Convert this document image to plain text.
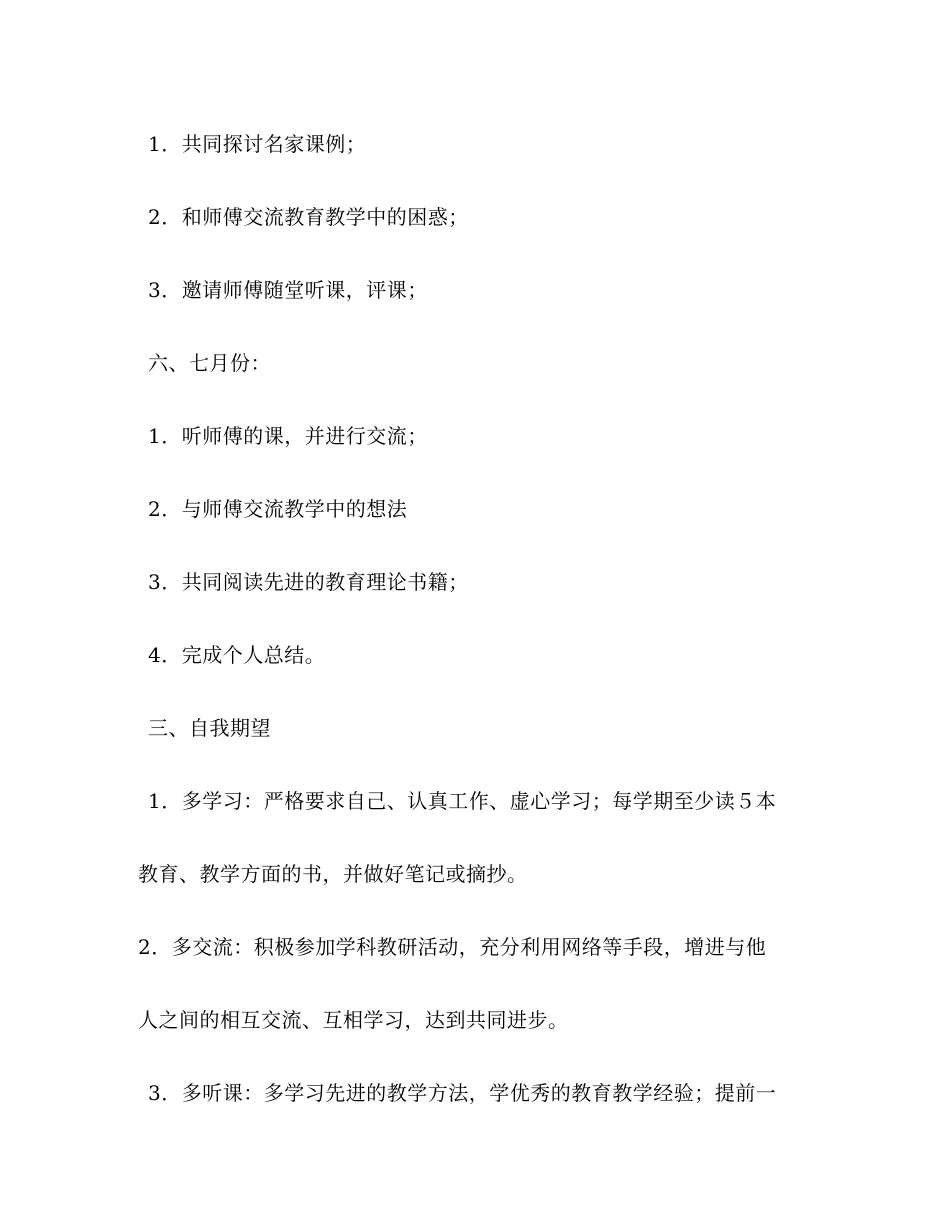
1．共同探讨名家课例；
2．和师傅交流教育教学中的困惑；
3．邀请师傅随堂听课，评课；
六、七月份：
1．听师傅的课，并进行交流；
2．与师傅交流教学中的想法
3．共同阅读先进的教育理论书籍；
4．完成个人总结。
三、自我期望
1．多学习：严格要求自己、认真工作、虚心学习；每学期至少读５本
教育、教学方面的书，并做好笔记或摘抄。
2．多交流：积极参加学科教研活动，充分利用网络等手段，增进与他
人之间的相互交流、互相学习，达到共同进步。
3．多听课：多学习先进的教学方法，学优秀的教育教学经验；提前一
